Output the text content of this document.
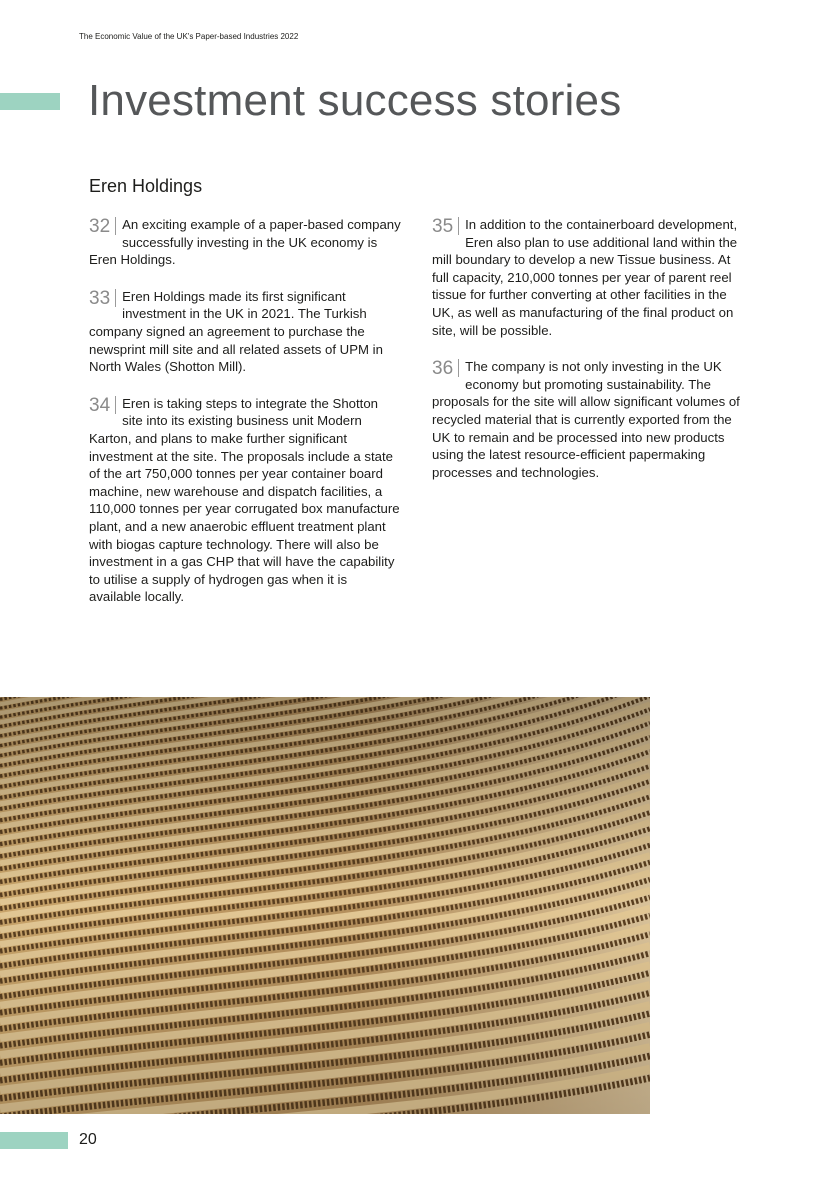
The Economic Value of the UK's Paper-based Industries 2022
Investment success stories
Eren Holdings

32 An exciting example of a paper-based company successfully investing in the UK economy is Eren Holdings.

33 Eren Holdings made its first significant investment in the UK in 2021. The Turkish company signed an agreement to purchase the newsprint mill site and all related assets of UPM in North Wales (Shotton Mill).

34 Eren is taking steps to integrate the Shotton site into its existing business unit Modern Karton, and plans to make further significant investment at the site. The proposals include a state of the art 750,000 tonnes per year container board machine, new warehouse and dispatch facilities, a 110,000 tonnes per year corrugated box manufacture plant, and a new anaerobic effluent treatment plant with biogas capture technology. There will also be investment in a gas CHP that will have the capability to utilise a supply of hydrogen gas when it is available locally.

35 In addition to the containerboard development, Eren also plan to use additional land within the mill boundary to develop a new Tissue business. At full capacity, 210,000 tonnes per year of parent reel tissue for further converting at other facilities in the UK, as well as manufacturing of the final product on site, will be possible.

36 The company is not only investing in the UK economy but promoting sustainability. The proposals for the site will allow significant volumes of recycled material that is currently exported from the UK to remain and be processed into new products using the latest resource-efficient papermaking processes and technologies.

20
